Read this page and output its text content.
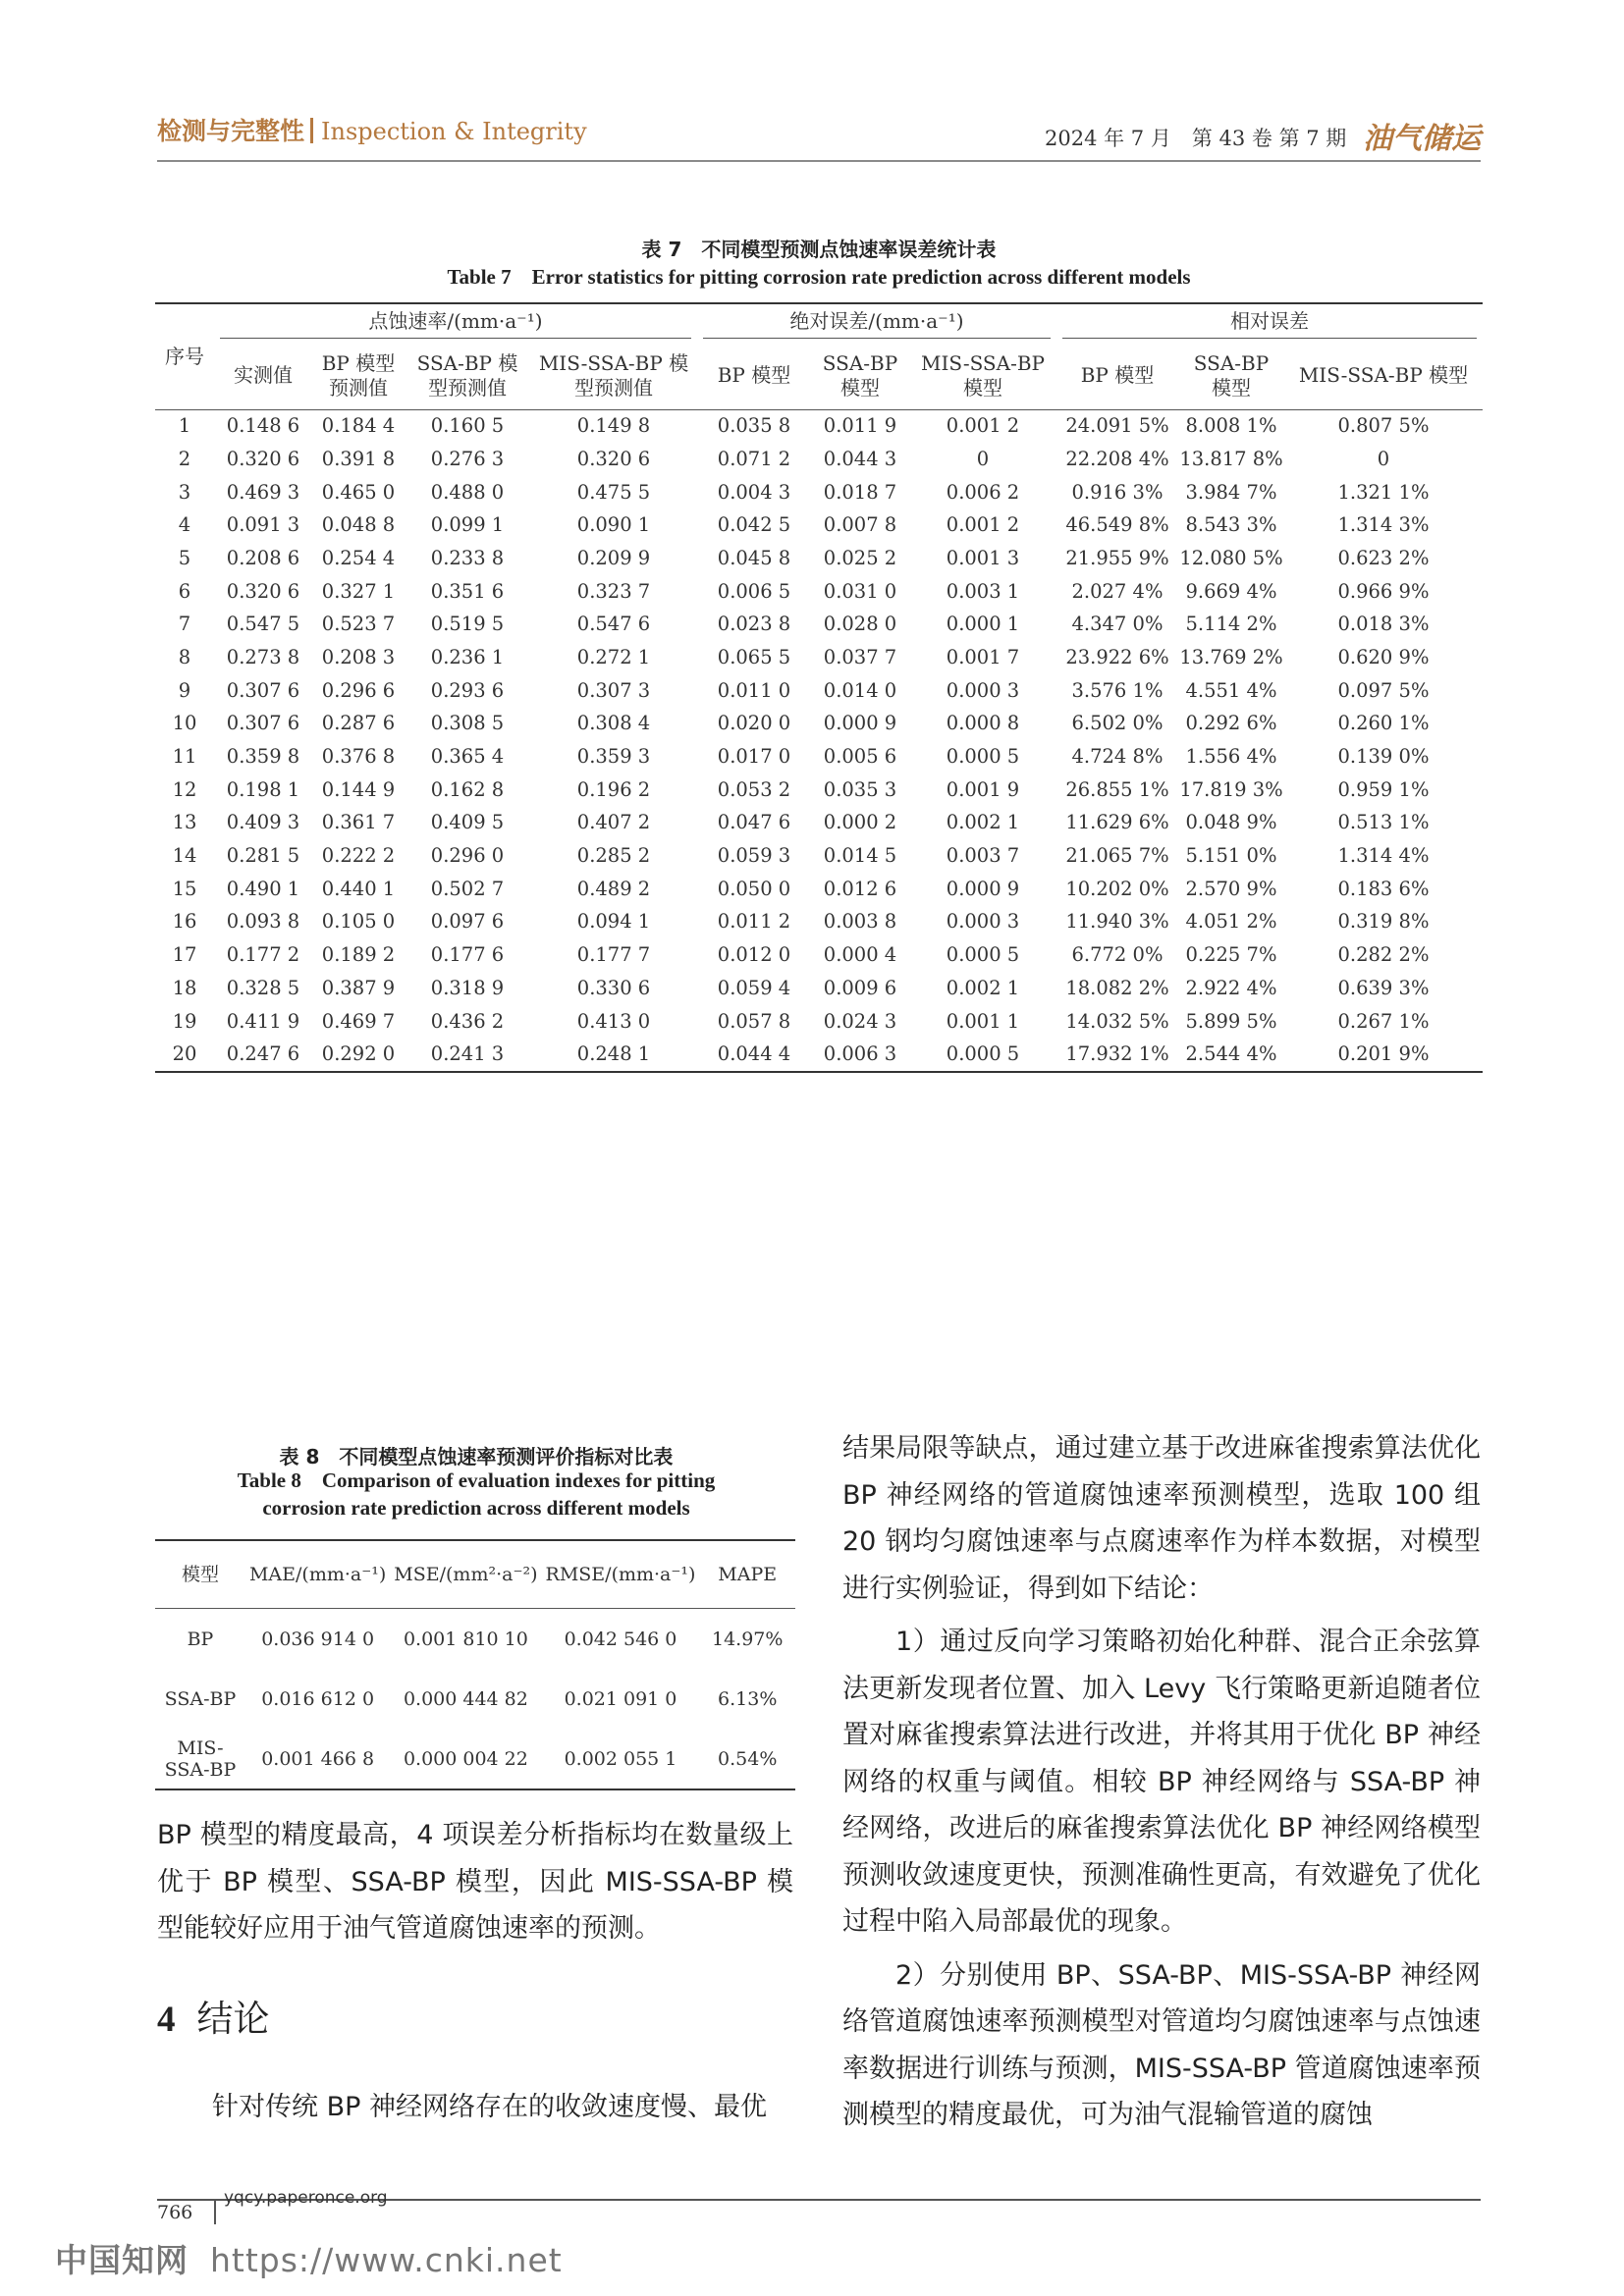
检测与完整性 Inspection & Integrity	2024 年 7 月　第 43 卷 第 7 期 油气储运
表 7　不同模型预测点蚀速率误差统计表
Table 7　Error statistics for pitting corrosion rate prediction across different models
序号	点蚀速率/(mm·a⁻¹)				绝对误差/(mm·a⁻¹)			相对误差		

	实测值	BP 模型预测值	SSA-BP 模型预测值	MIS-SSA-BP 模型预测值	BP 模型	SSA-BP 模型	MIS-SSA-BP 模型	BP 模型	SSA-BP 模型	MIS-SSA-BP 模型
1	0.148 6	0.184 4	0.160 5	0.149 8	0.035 8	0.011 9	0.001 2	24.091 5%	8.008 1%	0.807 5%
2	0.320 6	0.391 8	0.276 3	0.320 6	0.071 2	0.044 3	0	22.208 4%	13.817 8%	0
3	0.469 3	0.465 0	0.488 0	0.475 5	0.004 3	0.018 7	0.006 2	0.916 3%	3.984 7%	1.321 1%
4	0.091 3	0.048 8	0.099 1	0.090 1	0.042 5	0.007 8	0.001 2	46.549 8%	8.543 3%	1.314 3%
5	0.208 6	0.254 4	0.233 8	0.209 9	0.045 8	0.025 2	0.001 3	21.955 9%	12.080 5%	0.623 2%
6	0.320 6	0.327 1	0.351 6	0.323 7	0.006 5	0.031 0	0.003 1	2.027 4%	9.669 4%	0.966 9%
7	0.547 5	0.523 7	0.519 5	0.547 6	0.023 8	0.028 0	0.000 1	4.347 0%	5.114 2%	0.018 3%
8	0.273 8	0.208 3	0.236 1	0.272 1	0.065 5	0.037 7	0.001 7	23.922 6%	13.769 2%	0.620 9%
9	0.307 6	0.296 6	0.293 6	0.307 3	0.011 0	0.014 0	0.000 3	3.576 1%	4.551 4%	0.097 5%
10	0.307 6	0.287 6	0.308 5	0.308 4	0.020 0	0.000 9	0.000 8	6.502 0%	0.292 6%	0.260 1%
11	0.359 8	0.376 8	0.365 4	0.359 3	0.017 0	0.005 6	0.000 5	4.724 8%	1.556 4%	0.139 0%
12	0.198 1	0.144 9	0.162 8	0.196 2	0.053 2	0.035 3	0.001 9	26.855 1%	17.819 3%	0.959 1%
13	0.409 3	0.361 7	0.409 5	0.407 2	0.047 6	0.000 2	0.002 1	11.629 6%	0.048 9%	0.513 1%
14	0.281 5	0.222 2	0.296 0	0.285 2	0.059 3	0.014 5	0.003 7	21.065 7%	5.151 0%	1.314 4%
15	0.490 1	0.440 1	0.502 7	0.489 2	0.050 0	0.012 6	0.000 9	10.202 0%	2.570 9%	0.183 6%
16	0.093 8	0.105 0	0.097 6	0.094 1	0.011 2	0.003 8	0.000 3	11.940 3%	4.051 2%	0.319 8%
17	0.177 2	0.189 2	0.177 6	0.177 7	0.012 0	0.000 4	0.000 5	6.772 0%	0.225 7%	0.282 2%
18	0.328 5	0.387 9	0.318 9	0.330 6	0.059 4	0.009 6	0.002 1	18.082 2%	2.922 4%	0.639 3%
19	0.411 9	0.469 7	0.436 2	0.413 0	0.057 8	0.024 3	0.001 1	14.032 5%	5.899 5%	0.267 1%
20	0.247 6	0.292 0	0.241 3	0.248 1	0.044 4	0.006 3	0.000 5	17.932 1%	2.544 4%	0.201 9%
表 8　不同模型点蚀速率预测评价指标对比表
Table 8　Comparison of evaluation indexes for pitting
corrosion rate prediction across different models
模型	MAE/(mm·a⁻¹)	MSE/(mm²·a⁻²)	RMSE/(mm·a⁻¹)	MAPE
BP	0.036 914 0	0.001 810 10	0.042 546 0	14.97%
SSA-BP	0.016 612 0	0.000 444 82	0.021 091 0	6.13%
MIS-SSA-BP	0.001 466 8	0.000 004 22	0.002 055 1	0.54%
BP 模型的精度最高，4 项误差分析指标均在数量级上优于 BP 模型、SSA-BP 模型，因此 MIS-SSA-BP 模型能较好应用于油气管道腐蚀速率的预测。
4 结论
针对传统 BP 神经网络存在的收敛速度慢、最优

结果局限等缺点，通过建立基于改进麻雀搜索算法优化 BP 神经网络的管道腐蚀速率预测模型，选取 100 组 20 钢均匀腐蚀速率与点腐速率作为样本数据，对模型进行实例验证，得到如下结论：

1）通过反向学习策略初始化种群、混合正余弦算法更新发现者位置、加入 Levy 飞行策略更新追随者位置对麻雀搜索算法进行改进，并将其用于优化 BP 神经网络的权重与阈值。相较 BP 神经网络与 SSA-BP 神经网络，改进后的麻雀搜索算法优化 BP 神经网络模型预测收敛速度更快，预测准确性更高，有效避免了优化过程中陷入局部最优的现象。

2）分别使用 BP、SSA-BP、MIS-SSA-BP 神经网络管道腐蚀速率预测模型对管道均匀腐蚀速率与点蚀速率数据进行训练与预测，MIS-SSA-BP 管道腐蚀速率预测模型的精度最优，可为油气混输管道的腐蚀

766
yqcy.paperonce.org
中国知网 https://www.cnki.net
